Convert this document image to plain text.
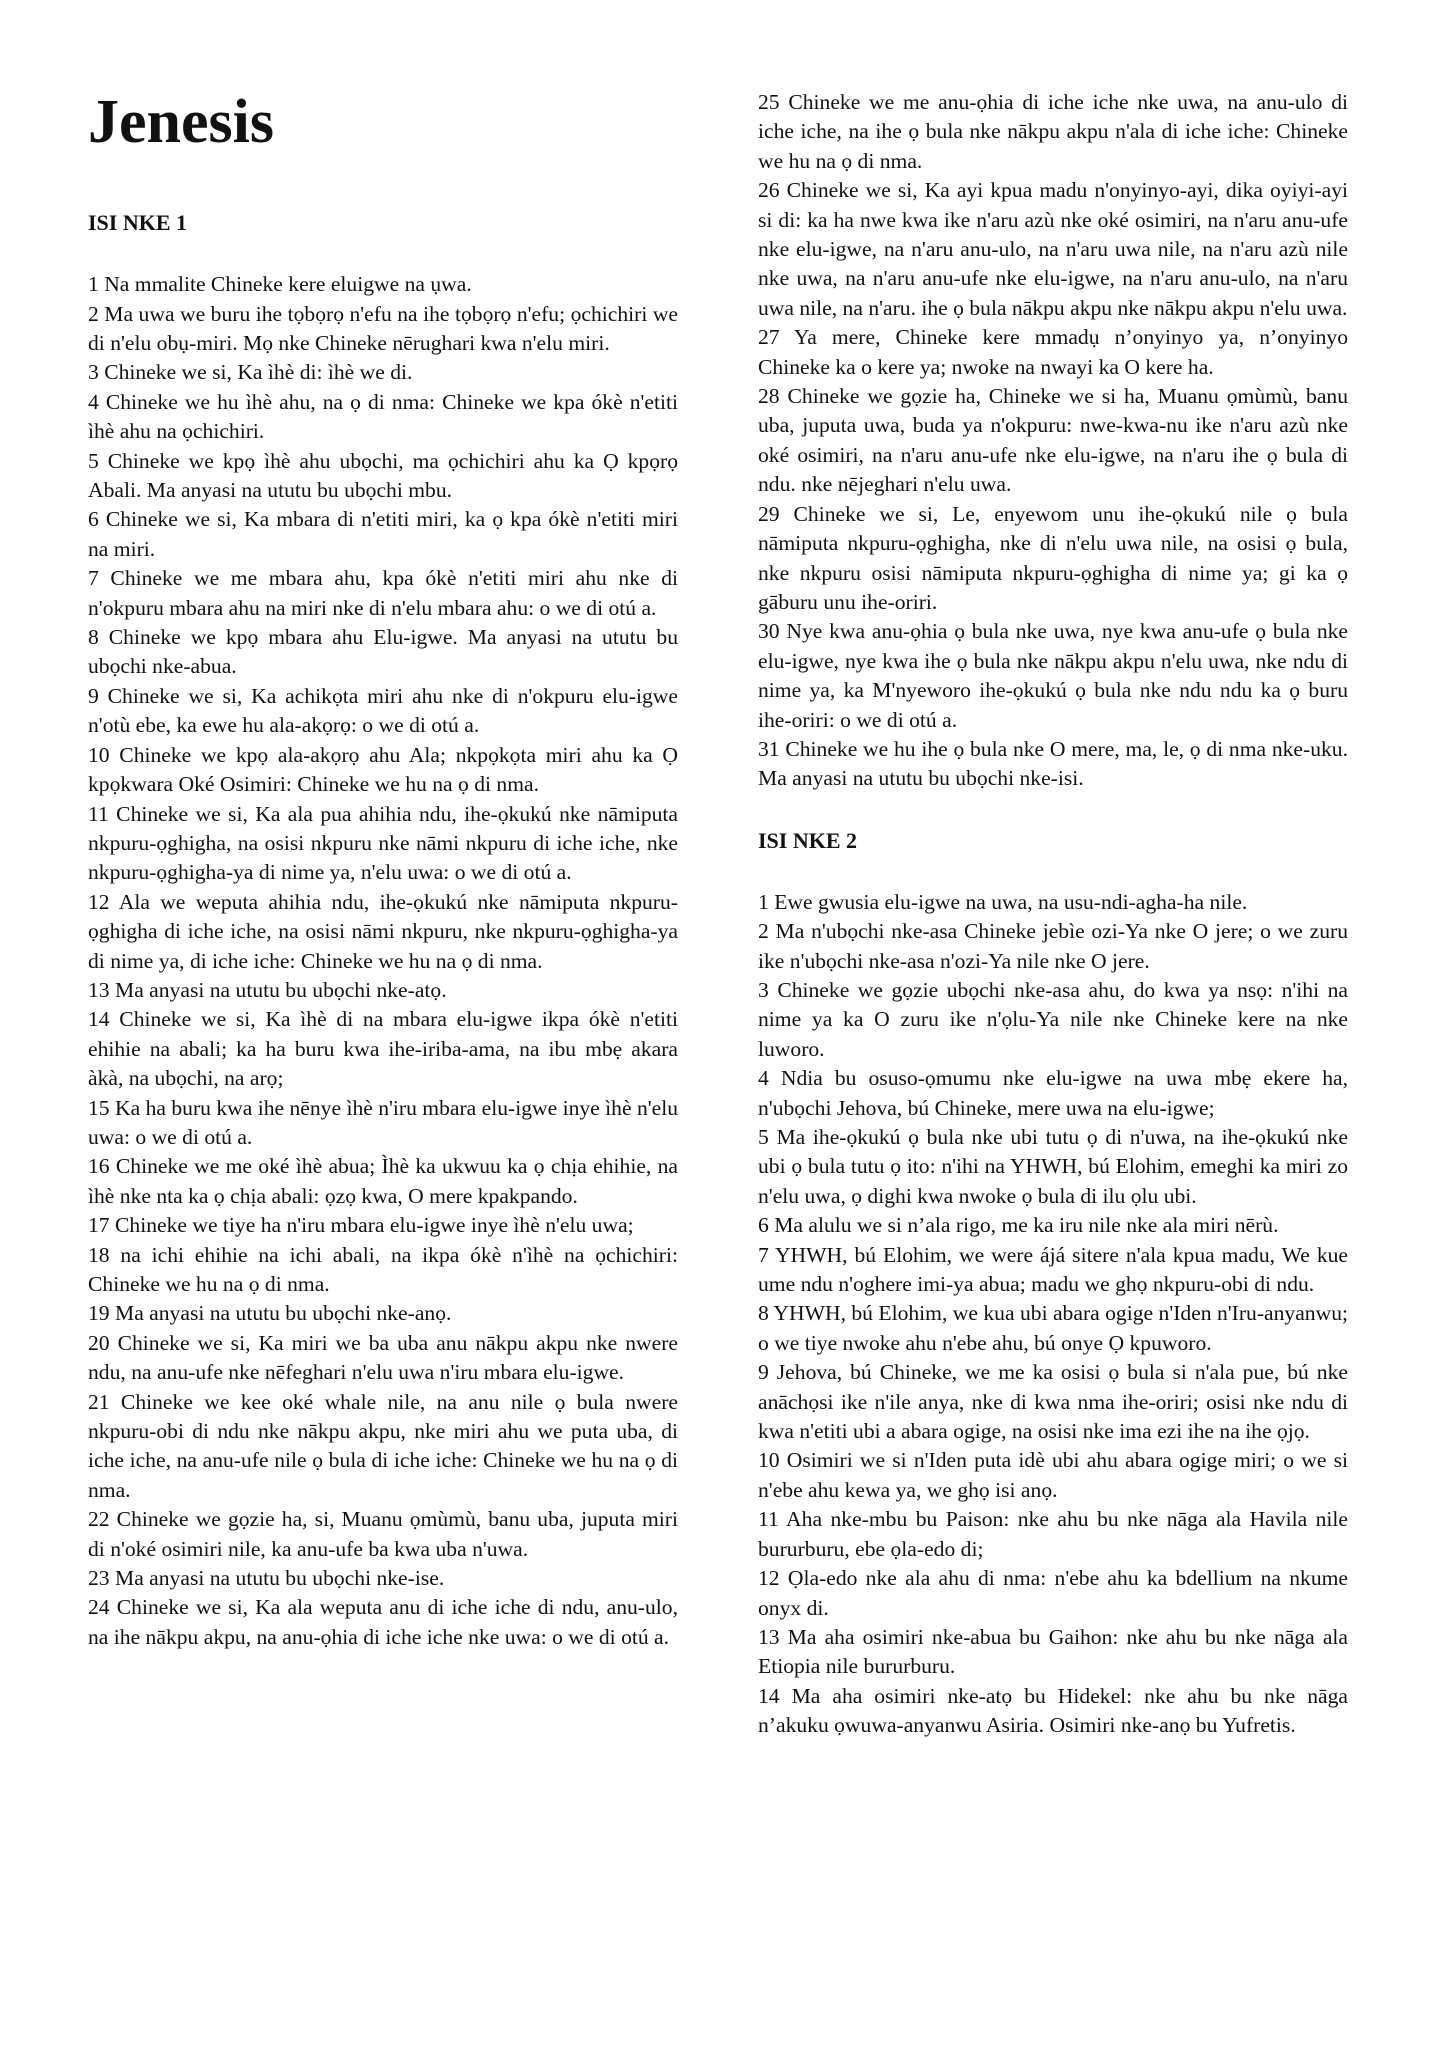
Jenesis
ISI NKE 1

1 Na mmalite Chineke kere eluigwe na ụwa.

2 Ma uwa we buru ihe tọbọrọ n'efu na ihe tọbọrọ n'efu; ọchichiri we di n'elu obụ-miri. Mọ nke Chineke nērughari kwa n'elu miri.

3 Chineke we si, Ka ìhè di: ìhè we di.

4 Chineke we hu ìhè ahu, na ọ di nma: Chineke we kpa ókè n'etiti ìhè ahu na ọchichiri.

5 Chineke we kpọ ìhè ahu ubọchi, ma ọchichiri ahu ka Ọ kpọrọ Abali. Ma anyasi na ututu bu ubọchi mbu.

6 Chineke we si, Ka mbara di n'etiti miri, ka ọ kpa ókè n'etiti miri na miri.

7 Chineke we me mbara ahu, kpa ókè n'etiti miri ahu nke di n'okpuru mbara ahu na miri nke di n'elu mbara ahu: o we di otú a.

8 Chineke we kpọ mbara ahu Elu-igwe. Ma anyasi na ututu bu ubọchi nke-abua.

9 Chineke we si, Ka achikọta miri ahu nke di n'okpuru elu-igwe n'otù ebe, ka ewe hu ala-akọrọ: o we di otú a.

10 Chineke we kpọ ala-akọrọ ahu Ala; nkpọkọta miri ahu ka Ọ kpọkwara Oké Osimiri: Chineke we hu na ọ di nma.

11 Chineke we si, Ka ala pua ahihia ndu, ihe-ọkukú nke nāmiputa nkpuru-ọghigha, na osisi nkpuru nke nāmi nkpuru di iche iche, nke nkpuru-ọghigha-ya di nime ya, n'elu uwa: o we di otú a.

12 Ala we weputa ahihia ndu, ihe-ọkukú nke nāmiputa nkpuru-ọghigha di iche iche, na osisi nāmi nkpuru, nke nkpuru-ọghigha-ya di nime ya, di iche iche: Chineke we hu na ọ di nma.

13 Ma anyasi na ututu bu ubọchi nke-atọ.

14 Chineke we si, Ka ìhè di na mbara elu-igwe ikpa ókè n'etiti ehihie na abali; ka ha buru kwa ihe-iriba-ama, na ibu mbẹ akara àkà, na ubọchi, na arọ;

15 Ka ha buru kwa ihe nēnye ìhè n'iru mbara elu-igwe inye ìhè n'elu uwa: o we di otú a.

16 Chineke we me oké ìhè abua; Ìhè ka ukwuu ka ọ chịa ehihie, na ìhè nke nta ka ọ chịa abali: ọzọ kwa, O mere kpakpando.

17 Chineke we tiye ha n'iru mbara elu-igwe inye ìhè n'elu uwa;

18 na ichi ehihie na ichi abali, na ikpa ókè n'ìhè na ọchichiri: Chineke we hu na ọ di nma.

19 Ma anyasi na ututu bu ubọchi nke-anọ.

20 Chineke we si, Ka miri we ba uba anu nākpu akpu nke nwere ndu, na anu-ufe nke nēfeghari n'elu uwa n'iru mbara elu-igwe.

21 Chineke we kee oké whale nile, na anu nile ọ bula nwere nkpuru-obi di ndu nke nākpu akpu, nke miri ahu we puta uba, di iche iche, na anu-ufe nile ọ bula di iche iche: Chineke we hu na ọ di nma.

22 Chineke we gọzie ha, si, Muanu ọmùmù, banu uba, juputa miri di n'oké osimiri nile, ka anu-ufe ba kwa uba n'uwa.

23 Ma anyasi na ututu bu ubọchi nke-ise.

24 Chineke we si, Ka ala weputa anu di iche iche di ndu, anu-ulo, na ihe nākpu akpu, na anu-ọhia di iche iche nke uwa: o we di otú a.

25 Chineke we me anu-ọhia di iche iche nke uwa, na anu-ulo di iche iche, na ihe ọ bula nke nākpu akpu n'ala di iche iche: Chineke we hu na ọ di nma.

26 Chineke we si, Ka ayi kpua madu n'onyinyo-ayi, dika oyiyi-ayi si di: ka ha nwe kwa ike n'aru azù nke oké osimiri, na n'aru anu-ufe nke elu-igwe, na n'aru anu-ulo, na n'aru uwa nile, na n'aru azù nile nke uwa, na n'aru anu-ufe nke elu-igwe, na n'aru anu-ulo, na n'aru uwa nile, na n'aru. ihe ọ bula nākpu akpu nke nākpu akpu n'elu uwa.

27 Ya mere, Chineke kere mmadụ n’onyinyo ya, n’onyinyo Chineke ka o kere ya; nwoke na nwayi ka O kere ha.

28 Chineke we gọzie ha, Chineke we si ha, Muanu ọmùmù, banu uba, juputa uwa, buda ya n'okpuru: nwe-kwa-nu ike n'aru azù nke oké osimiri, na n'aru anu-ufe nke elu-igwe, na n'aru ihe ọ bula di ndu. nke nējeghari n'elu uwa.

29 Chineke we si, Le, enyewom unu ihe-ọkukú nile ọ bula nāmiputa nkpuru-ọghigha, nke di n'elu uwa nile, na osisi ọ bula, nke nkpuru osisi nāmiputa nkpuru-ọghigha di nime ya; gi ka ọ gāburu unu ihe-oriri.

30 Nye kwa anu-ọhia ọ bula nke uwa, nye kwa anu-ufe ọ bula nke elu-igwe, nye kwa ihe ọ bula nke nākpu akpu n'elu uwa, nke ndu di nime ya, ka M'nyeworo ihe-ọkukú ọ bula nke ndu ndu ka ọ buru ihe-oriri: o we di otú a.

31 Chineke we hu ihe ọ bula nke O mere, ma, le, ọ di nma nke-uku. Ma anyasi na ututu bu ubọchi nke-isi.

ISI NKE 2

1 Ewe gwusia elu-igwe na uwa, na usu-ndi-agha-ha nile.

2 Ma n'ubọchi nke-asa Chineke jebìe ozi-Ya nke O jere; o we zuru ike n'ubọchi nke-asa n'ozi-Ya nile nke O jere.

3 Chineke we gọzie ubọchi nke-asa ahu, do kwa ya nsọ: n'ihi na nime ya ka O zuru ike n'ọlu-Ya nile nke Chineke kere na nke luworo.

4 Ndia bu osuso-ọmumu nke elu-igwe na uwa mbẹ ekere ha, n'ubọchi Jehova, bú Chineke, mere uwa na elu-igwe;

5 Ma ihe-ọkukú ọ bula nke ubi tutu ọ di n'uwa, na ihe-ọkukú nke ubi ọ bula tutu ọ ito: n'ihi na YHWH, bú Elohim, emeghi ka miri zo n'elu uwa, ọ dighi kwa nwoke ọ bula di ilu ọlu ubi.

6 Ma alulu we si n’ala rigo, me ka iru nile nke ala miri nērù.

7 YHWH, bú Elohim, we were ájá sitere n'ala kpua madu, We kue ume ndu n'oghere imi-ya abua; madu we ghọ nkpuru-obi di ndu.

8 YHWH, bú Elohim, we kua ubi abara ogige n'Iden n'Iru-anyanwu; o we tiye nwoke ahu n'ebe ahu, bú onye Ọ kpuworo.

9 Jehova, bú Chineke, we me ka osisi ọ bula si n'ala pue, bú nke anāchọsi ike n'ile anya, nke di kwa nma ihe-oriri; osisi nke ndu di kwa n'etiti ubi a abara ogige, na osisi nke ima ezi ihe na ihe ọjọ.

10 Osimiri we si n'Iden puta idè ubi ahu abara ogige miri; o we si n'ebe ahu kewa ya, we ghọ isi anọ.

11 Aha nke-mbu bu Paison: nke ahu bu nke nāga ala Havila nile bururburu, ebe ọla-edo di;

12 Ọla-edo nke ala ahu di nma: n'ebe ahu ka bdellium na nkume onyx di.

13 Ma aha osimiri nke-abua bu Gaihon: nke ahu bu nke nāga ala Etiopia nile bururburu.

14 Ma aha osimiri nke-atọ bu Hidekel: nke ahu bu nke nāga n’akuku ọwuwa-anyanwu Asiria. Osimiri nke-anọ bu Yufretis.
